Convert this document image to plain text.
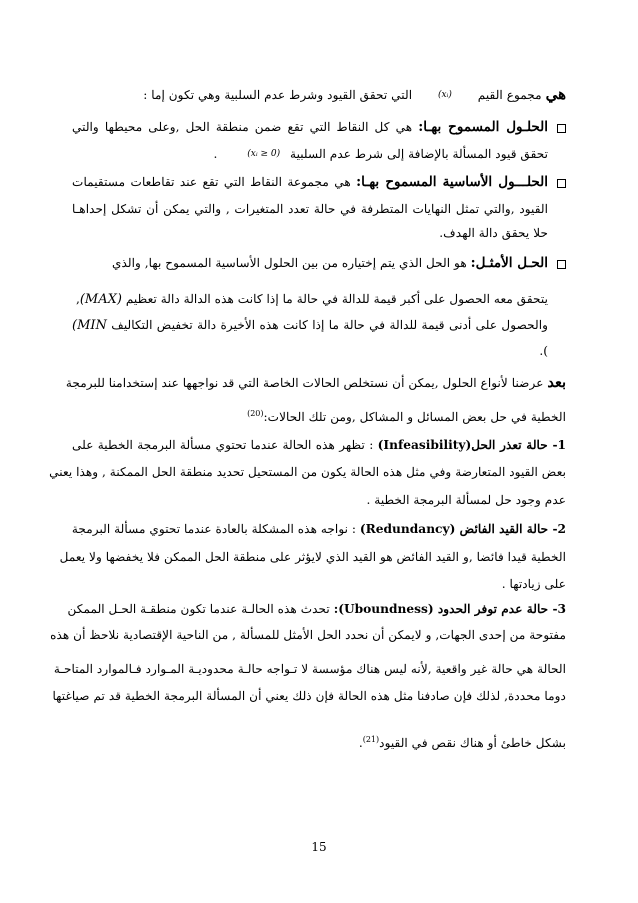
هي مجموع القيم (xᵢ) التي تحقق القيود وشرط عدم السلبية وهي تكون إما :
الحلـول المسموح بهـا: هي كل النقاط التي تقع ضمن منطقة الحل ,وعلى محيطها والتي
تحقق قيود المسألة بالإضافة إلى شرط عدم السلبية (xᵢ ≥ 0) .
الحلـــول الأساسية المسموح بهـا: هي مجموعة النقاط التي تقع عند تقاطعات مستقيمات
القيود ,والتي تمثل النهايات المتطرفة في حالة تعدد المتغيرات , والتي يمكن أن تشكل إحداهـا
حلا يحقق دالة الهدف.
الحـل الأمثـل: هو الحل الذي يتم إختياره من بين الحلول الأساسية المسموح بها, والذي
يتحقق معه الحصول على أكبر قيمة للدالة في حالة ما إذا كانت هذه الدالة دالة تعظيم (MAX),
والحصول على أدنى قيمة للدالة في حالة ما إذا كانت هذه الأخيرة دالة تخفيض التكاليف (MIN
).
بعد عرضنا لأنواع الحلول ,يمكن أن نستخلص الحالات الخاصة التي قد نواجهها عند إستخدامنا للبرمجة
الخطية في حل بعض المسائل و المشاكل ,ومن تلك الحالات:$^{(20)}$
1- حالة تعذر الحل(Infeasibility) : تظهر هذه الحالة عندما تحتوي مسألة البرمجة الخطية على
بعض القيود المتعارضة وفي مثل هذه الحالة يكون من المستحيل تحديد منطقة الحل الممكنة , وهذا يعني
عدم وجود حل لمسألة البرمجة الخطية .
2- حالة القيد الفائض (Redundancy) : نواجه هذه المشكلة بالعادة عندما تحتوي مسألة البرمجة
الخطية قيدا فائضا ,و القيد الفائض هو القيد الذي لايؤثر على منطقة الحل الممكن فلا يخفضها ولا يعمل
على زيادتها .
3- حالة عدم توفر الحدود (Uboundness): تحدث هذه الحالـة عندما تكون منطقـة الحـل الممكن
مفتوحة من إحدى الجهات, و لايمكن أن نحدد الحل الأمثل للمسألة , من الناحية الإقتصادية نلاحظ أن هذه
الحالة هي حالة غير واقعية ,لأنه ليس هناك مؤسسة لا تـواجه حالـة محدوديـة المـوارد فـالموارد المتاحـة
دوما محددة, لذلك فإن صادفنا مثل هذه الحالة فإن ذلك يعني أن المسألة البرمجة الخطية قد تم صياغتها
بشكل خاطئ أو هناك نقص في القيود$^{(21)}$.
15
